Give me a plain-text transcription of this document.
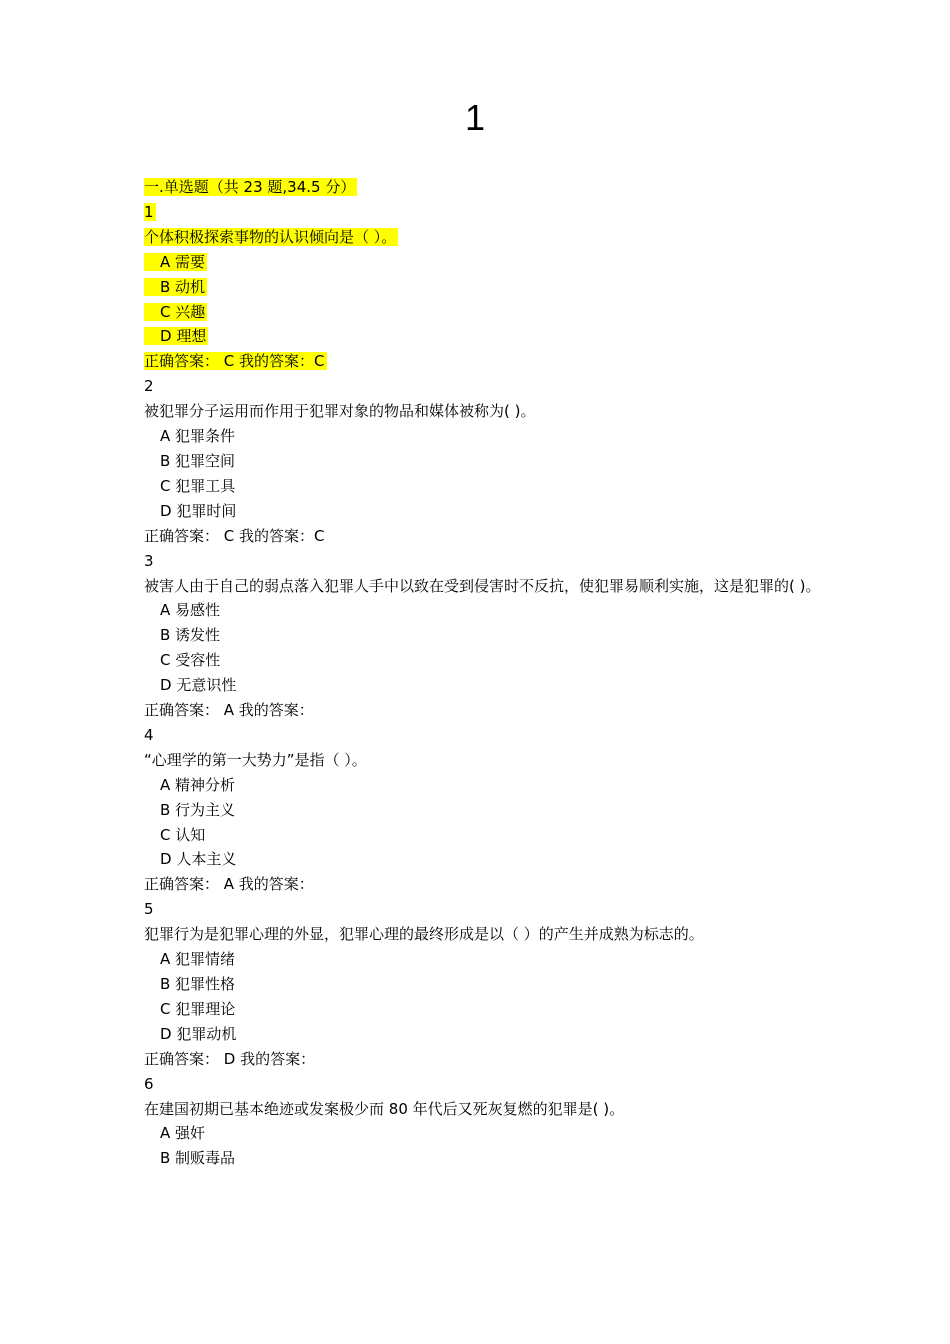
1
一.单选题（共 23 题,34.5 分）
1
个体积极探索事物的认识倾向是（ ）。
A 需要
B 动机
C 兴趣
D 理想
正确答案： C 我的答案：C
2
被犯罪分子运用而作用于犯罪对象的物品和媒体被称为( )。
A 犯罪条件
B 犯罪空间
C 犯罪工具
D 犯罪时间
正确答案： C 我的答案：C
3
被害人由于自己的弱点落入犯罪人手中以致在受到侵害时不反抗，使犯罪易顺利实施，这是犯罪的( )。
A 易感性
B 诱发性
C 受容性
D 无意识性
正确答案： A 我的答案：
4
“心理学的第一大势力”是指（ ）。
A 精神分析
B 行为主义
C 认知
D 人本主义
正确答案： A 我的答案：
5
犯罪行为是犯罪心理的外显，犯罪心理的最终形成是以（ ）的产生并成熟为标志的。
A 犯罪情绪
B 犯罪性格
C 犯罪理论
D 犯罪动机
正确答案： D 我的答案：
6
在建国初期已基本绝迹或发案极少而 80 年代后又死灰复燃的犯罪是( )。
A 强奸
B 制贩毒品
